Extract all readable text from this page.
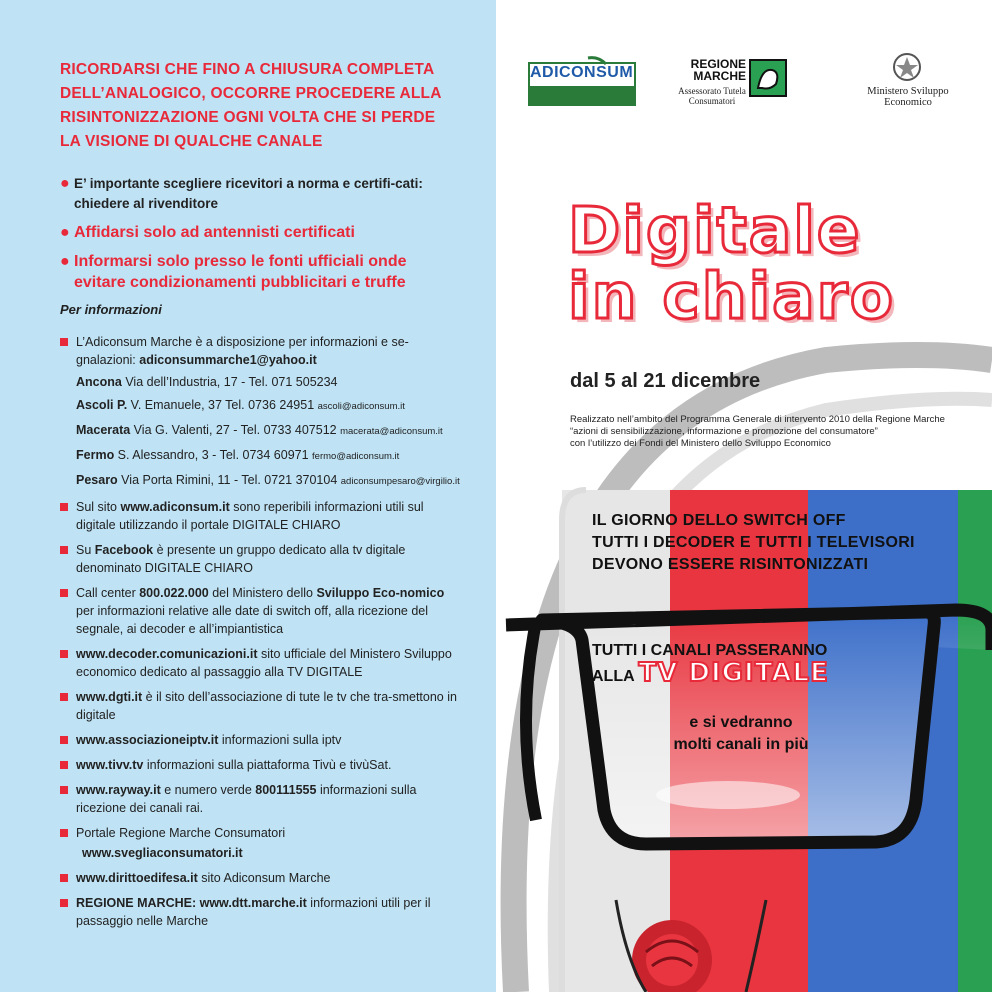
RICORDARSI CHE FINO A CHIUSURA COMPLETA
DELL’ANALOGICO, OCCORRE PROCEDERE ALLA
RISINTONIZZAZIONE OGNI VOLTA CHE SI PERDE
LA VISIONE DI QUALCHE CANALE
● E’ importante scegliere ricevitori a norma e certifi-cati: chiedere al rivenditore
● Affidarsi solo ad antennisti certificati
● Informarsi solo presso le fonti ufficiali onde evitare condizionamenti pubblicitari e truffe
Per informazioni
L’Adiconsum Marche è a disposizione per informazioni e se-gnalazioni: adiconsummarche1@yahoo.it
Ancona Via dell’Industria, 17 - Tel. 071 505234
Ascoli P. V. Emanuele, 37 Tel. 0736 24951 ascoli@adiconsum.it
Macerata Via G. Valenti, 27 - Tel. 0733 407512 macerata@adiconsum.it
Fermo S. Alessandro, 3 - Tel. 0734 60971 fermo@adiconsum.it
Pesaro Via Porta Rimini, 11 - Tel. 0721 370104 adiconsumpesaro@virgilio.it
Sul sito www.adiconsum.it sono reperibili informazioni utili sul digitale utilizzando il portale DIGITALE CHIARO
Su Facebook è presente un gruppo dedicato alla tv digitale denominato DIGITALE CHIARO
Call center 800.022.000 del Ministero dello Sviluppo Eco-nomico per informazioni relative alle date di switch off, alla ricezione del segnale, ai decoder e all’impiantistica
www.decoder.comunicazioni.it sito ufficiale del Ministero Sviluppo economico dedicato al passaggio alla TV DIGITALE
www.dgti.it è il sito dell’associazione di tute le tv che tra-smettono in digitale
www.associazioneiptv.it informazioni sulla iptv
www.tivv.tv informazioni sulla piattaforma Tivù e tivùSat.
www.rayway.it e numero verde 800111555 informazioni sulla ricezione dei canali rai.
Portale Regione Marche Consumatori
www.svegliaconsumatori.it
www.dirittoedifesa.it sito Adiconsum Marche
REGIONE MARCHE: www.dtt.marche.it informazioni utili per il passaggio nelle Marche
ADICONSUM	REGIONE
MARCHE
Assessorato Tutela
Consumatori
Ministero Sviluppo
Economico
Digitale
in chiaro
dal 5 al 21 dicembre
Realizzato nell’ambito del Programma Generale di intervento 2010 della Regione Marche
“azioni di sensibilizzazione, informazione e promozione del consumatore”
con l’utilizzo dei Fondi del Ministero dello Sviluppo Economico
IL GIORNO DELLO SWITCH OFF
TUTTI I DECODER E TUTTI I TELEVISORI
DEVONO ESSERE RISINTONIZZATI
TUTTI I CANALI PASSERANNO
ALLA TV DIGITALE
e si vedranno
molti canali in più
